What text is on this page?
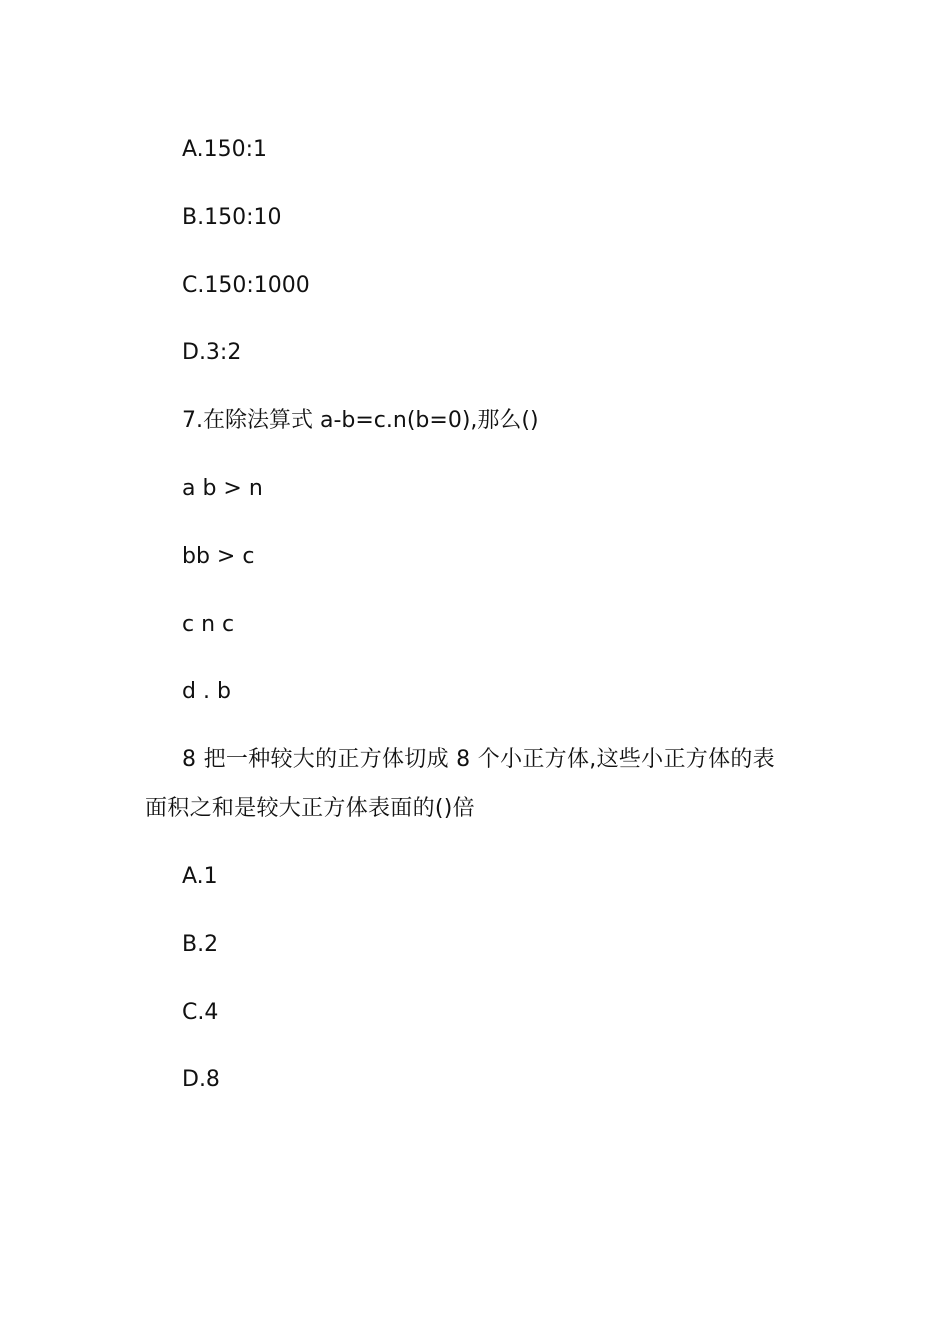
A.150:1

B.150:10

C.150:1000

D.3:2

7.在除法算式 a-b=c.n(b=0),那么()

a b > n

bb > c

c n c

d . b

8 把一种较大的正方体切成 8 个小正方体,这些小正方体的表面积之和是较大正方体表面的()倍

A.1

B.2

C.4

D.8
